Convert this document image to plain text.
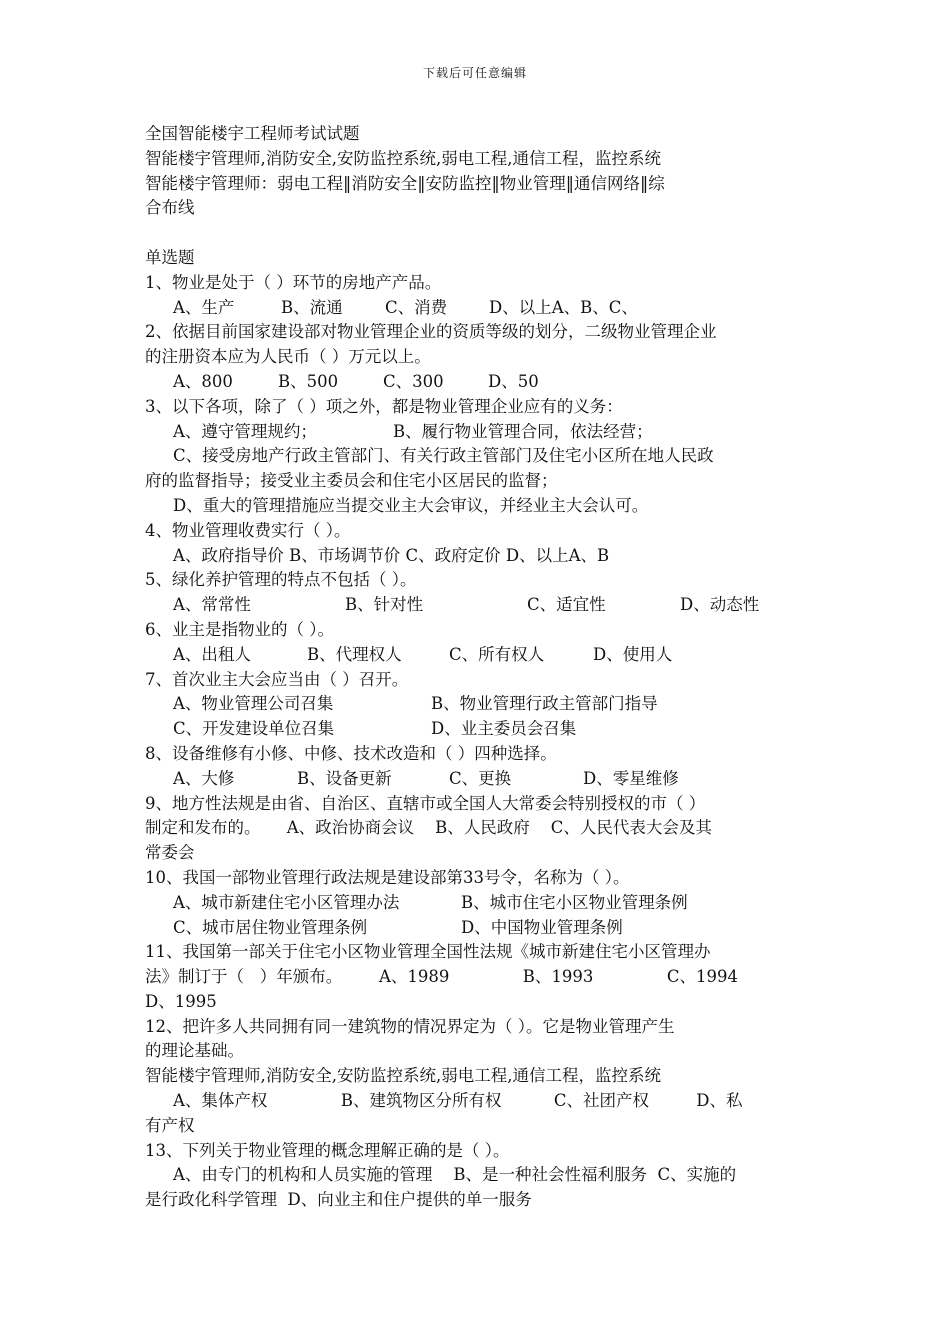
下载后可任意编辑
全国智能楼宇工程师考试试题
智能楼宇管理师,消防安全,安防监控系统,弱电工程,通信工程，监控系统
智能楼宇管理师：弱电工程‖消防安全‖安防监控‖物业管理‖通信网络‖综
合布线
单选题
1、物业是处于（ ）环节的房地产产品。
A、生产	B、流通	C、消费	D、以上A、B、C、
2、依据目前国家建设部对物业管理企业的资质等级的划分，二级物业管理企业
的注册资本应为人民币（ ）万元以上。
A、800	B、500	C、300	D、50
3、以下各项，除了（ ）项之外，都是物业管理企业应有的义务：
A、遵守管理规约；	B、履行物业管理合同，依法经营；
C、接受房地产行政主管部门、有关行政主管部门及住宅小区所在地人民政
府的监督指导；接受业主委员会和住宅小区居民的监督；
D、重大的管理措施应当提交业主大会审议，并经业主大会认可。
4、物业管理收费实行（ ）。
A、政府指导价 B、市场调节价 C、政府定价 D、以上A、B
5、绿化养护管理的特点不包括（ ）。
A、常常性	B、针对性	C、适宜性	D、动态性
6、业主是指物业的（ ）。
A、出租人	B、代理权人	C、所有权人	D、使用人
7、首次业主大会应当由（ ）召开。
A、物业管理公司召集	B、物业管理行政主管部门指导
C、开发建设单位召集	D、业主委员会召集
8、设备维修有小修、中修、技术改造和（ ）四种选择。
A、大修	B、设备更新	C、更换	D、零星维修
9、地方性法规是由省、自治区、直辖市或全国人大常委会特别授权的市（ ）
制定和发布的。     A、政治协商会议    B、人民政府    C、人民代表大会及其
常委会
10、我国一部物业管理行政法规是建设部第33号令，名称为（ ）。
A、城市新建住宅小区管理办法	B、城市住宅小区物业管理条例
C、城市居住物业管理条例	D、中国物业管理条例
11、我国第一部关于住宅小区物业管理全国性法规《城市新建住宅小区管理办
法》制订于（   ）年颁布。       A、1989              B、1993              C、1994
D、1995
12、把许多人共同拥有同一建筑物的情况界定为（ ）。它是物业管理产生
的理论基础。
智能楼宇管理师,消防安全,安防监控系统,弱电工程,通信工程，监控系统
A、集体产权              B、建筑物区分所有权          C、社团产权         D、私
有产权
13、下列关于物业管理的概念理解正确的是（ ）。
A、由专门的机构和人员实施的管理    B、是一种社会性福利服务  C、实施的
是行政化科学管理  D、向业主和住户提供的单一服务
